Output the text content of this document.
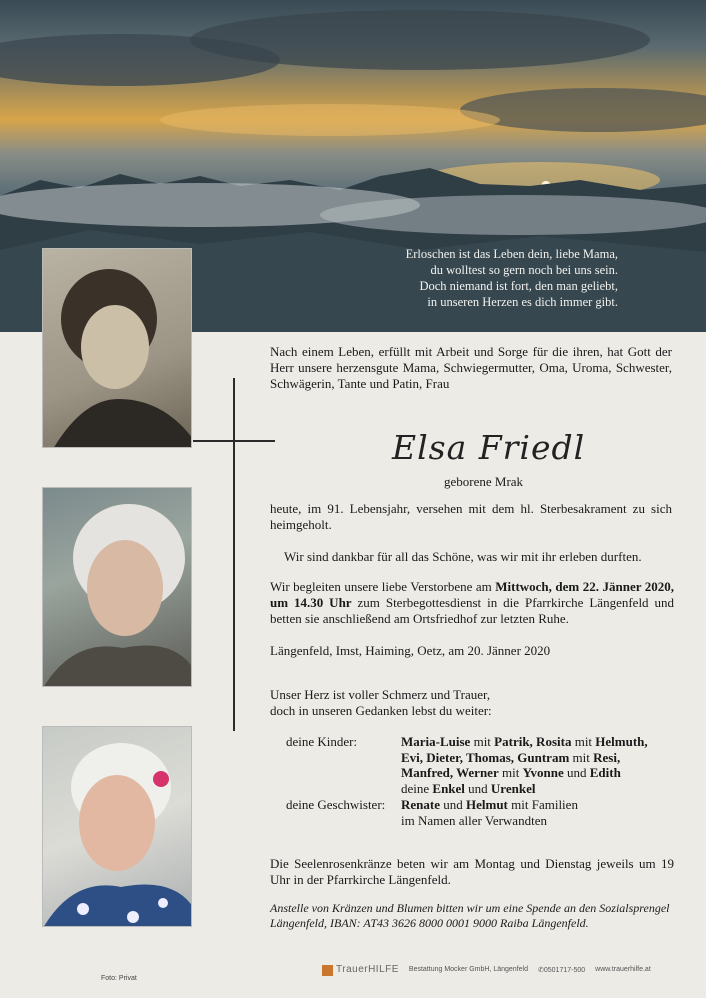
Erloschen ist das Leben dein, liebe Mama,
du wolltest so gern noch bei uns sein.
Doch niemand ist fort, den man geliebt,
in unseren Herzen es dich immer gibt.
Nach einem Leben, erfüllt mit Arbeit und Sorge für die ihren, hat Gott der Herr unsere herzensgute Mama, Schwiegermutter, Oma, Uroma, Schwester, Schwägerin, Tante und Patin, Frau
Elsa Friedl
geborene Mrak
heute, im 91. Lebensjahr, versehen mit dem hl. Sterbesakrament zu sich heimgeholt.
Wir sind dankbar für all das Schöne, was wir mit ihr erleben durften.
Wir begleiten unsere liebe Verstorbene am Mittwoch, dem 22. Jänner 2020, um 14.30 Uhr zum Sterbegottesdienst in die Pfarrkirche Längenfeld und betten sie anschließend am Ortsfriedhof zur letzten Ruhe.
Längenfeld, Imst, Haiming, Oetz, am 20. Jänner 2020
Unser Herz ist voller Schmerz und Trauer,
doch in unseren Gedanken lebst du weiter:
deine Kinder:	Maria-Luise mit Patrik, Rosita mit Helmuth,
Evi, Dieter, Thomas, Guntram mit Resi,
Manfred, Werner mit Yvonne und Edith
deine Enkel und Urenkel
deine Geschwister: Renate und Helmut mit Familien
im Namen aller Verwandten
Die Seelenrosenkränze beten wir am Montag und Dienstag jeweils um 19 Uhr in der Pfarrkirche Längenfeld.
Anstelle von Kränzen und Blumen bitten wir um eine Spende an den Sozialsprengel Längenfeld, IBAN: AT43 3626 8000 0001 9000 Raiba Längenfeld.
Foto: Privat
TrauerHILFE Bestattung Mocker GmbH, Längenfeld ✆0501717-500 www.trauerhilfe.at
